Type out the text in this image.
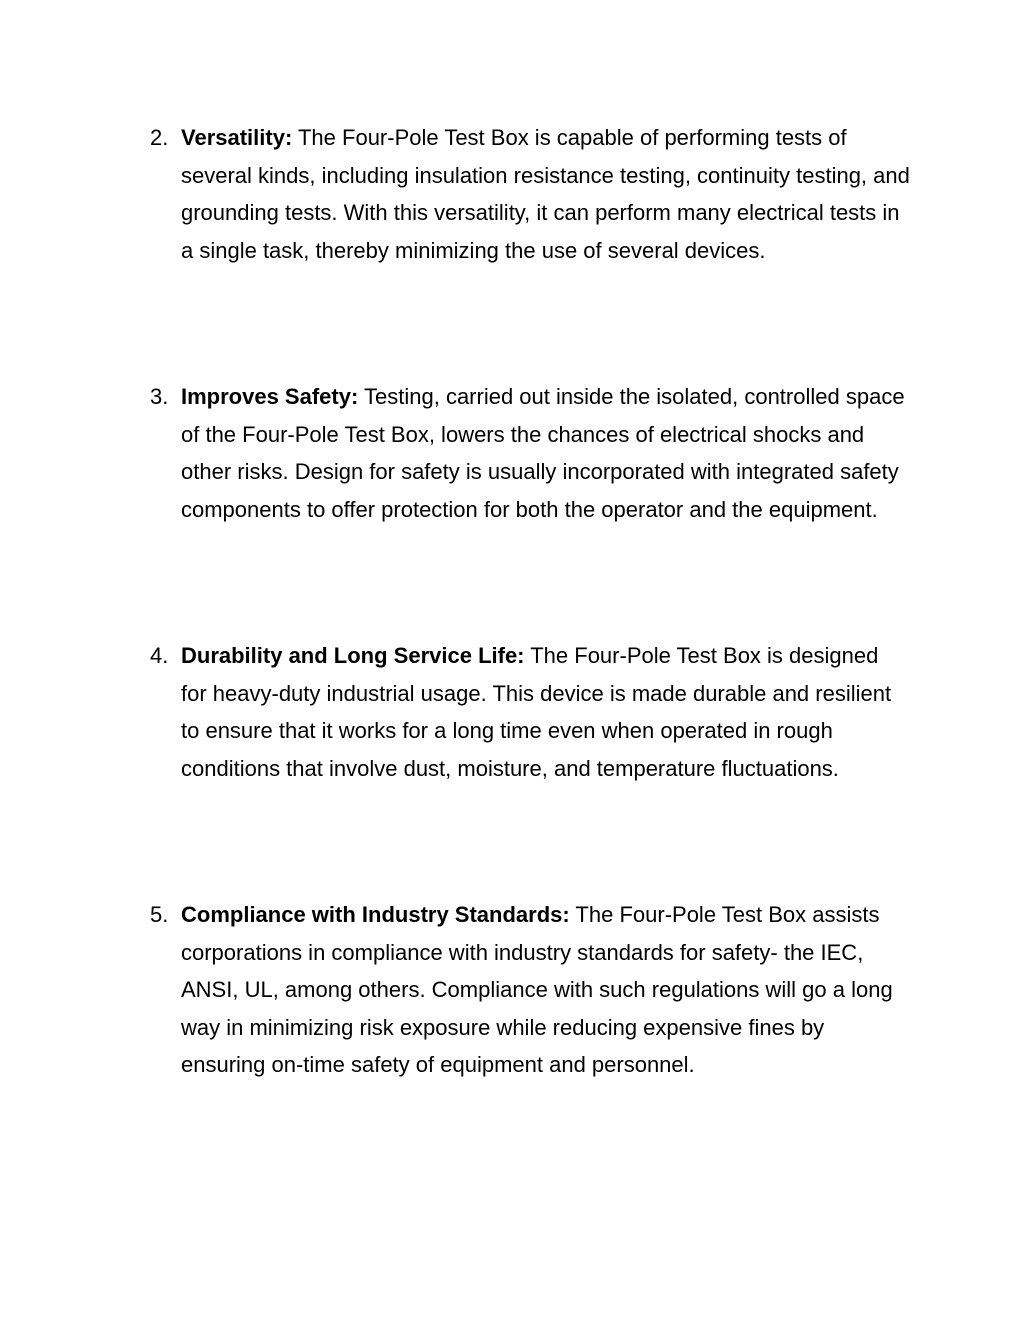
2. Versatility: The Four-Pole Test Box is capable of performing tests of several kinds, including insulation resistance testing, continuity testing, and grounding tests. With this versatility, it can perform many electrical tests in a single task, thereby minimizing the use of several devices.
3. Improves Safety: Testing, carried out inside the isolated, controlled space of the Four-Pole Test Box, lowers the chances of electrical shocks and other risks. Design for safety is usually incorporated with integrated safety components to offer protection for both the operator and the equipment.
4. Durability and Long Service Life: The Four-Pole Test Box is designed for heavy-duty industrial usage. This device is made durable and resilient to ensure that it works for a long time even when operated in rough conditions that involve dust, moisture, and temperature fluctuations.
5. Compliance with Industry Standards: The Four-Pole Test Box assists corporations in compliance with industry standards for safety- the IEC, ANSI, UL, among others. Compliance with such regulations will go a long way in minimizing risk exposure while reducing expensive fines by ensuring on-time safety of equipment and personnel.
